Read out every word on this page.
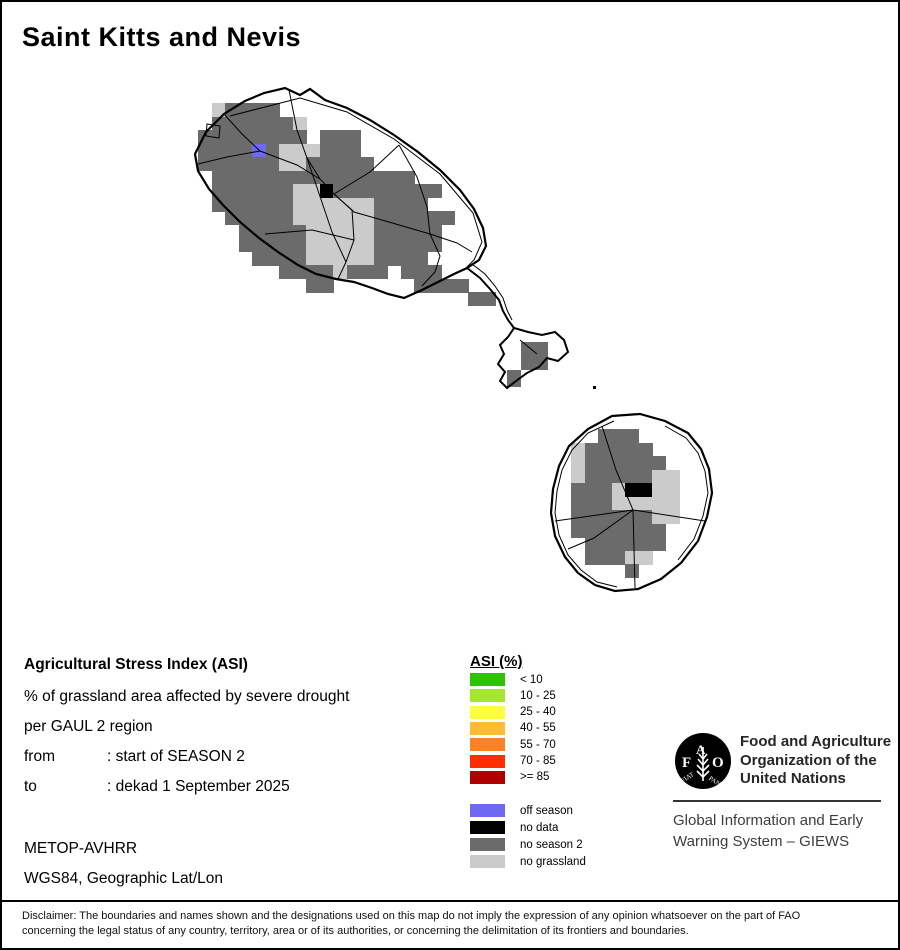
Saint Kitts and Nevis
Agricultural Stress Index (ASI)
% of grassland area affected by severe drought
per GAUL 2 region
from	: start of SEASON 2
to	: dekad 1 September 2025
METOP-AVHRR
WGS84, Geographic Lat/Lon
ASI (%)
< 10
10 - 25
25 - 40
40 - 55
55 - 70
70 - 85
>= 85
off season
no data
no season 2
no grassland
F
A
O
FIAT PANIS
Food and Agriculture
Organization of the
United Nations
Global Information and Early
Warning System – GIEWS
Disclaimer: The boundaries and names shown and the designations used on this map do not imply the expression of any opinion whatsoever on the part of FAO
concerning the legal status of any country, territory, area or of its authorities, or concerning the delimitation of its frontiers and boundaries.
